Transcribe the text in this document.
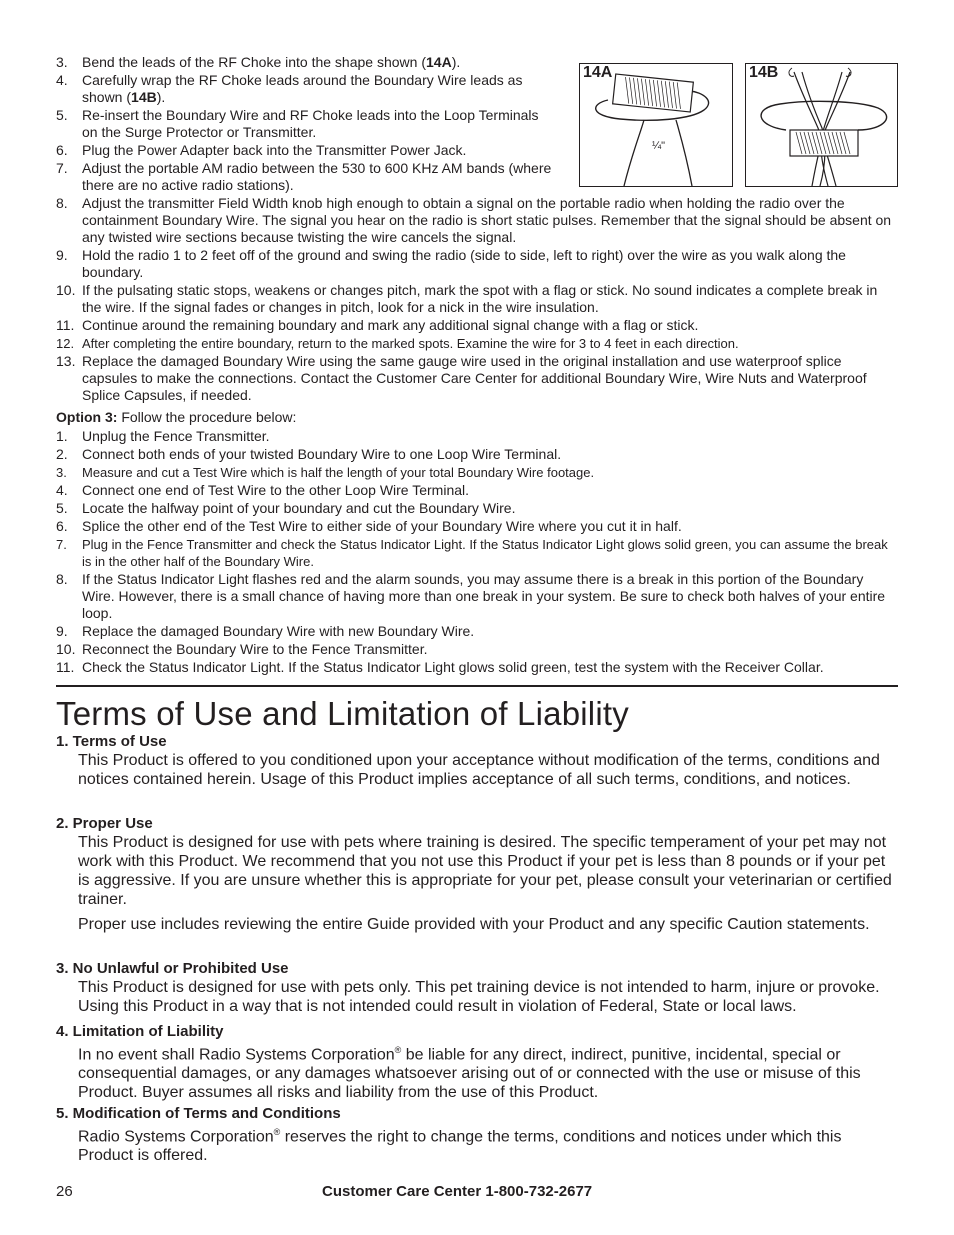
3.	Bend the leads of the RF Choke into the shape shown (14A).
4.	Carefully wrap the RF Choke leads around the Boundary Wire leads as shown (14B).
5.	Re-insert the Boundary Wire and RF Choke leads into the Loop Terminals on the Surge Protector or Transmitter.
6.	Plug the Power Adapter back into the Transmitter Power Jack.
7.	Adjust the portable AM radio between the 530 to 600 KHz AM bands (where there are no active radio stations).
8.	Adjust the transmitter Field Width knob high enough to obtain a signal on the portable radio when holding the radio over the containment Boundary Wire. The signal you hear on the radio is short static pulses. Remember that the signal should be absent on any twisted wire sections because twisting the wire cancels the signal.
9.	Hold the radio 1 to 2 feet off of the ground and swing the radio (side to side, left to right) over the wire as you walk along the boundary.
10. If the pulsating static stops, weakens or changes pitch, mark the spot with a flag or stick. No sound indicates a complete break in the wire. If the signal fades or changes in pitch, look for a nick in the wire insulation.
11. Continue around the remaining boundary and mark any additional signal change with a flag or stick.
12. After completing the entire boundary, return to the marked spots. Examine the wire for 3 to 4 feet in each direction.
13. Replace the damaged Boundary Wire using the same gauge wire used in the original installation and use waterproof splice capsules to make the connections. Contact the Customer Care Center for additional Boundary Wire, Wire Nuts and Waterproof Splice Capsules, if needed.
14A
¼"
14B
Option 3: Follow the procedure below:
1.	Unplug the Fence Transmitter.
2.	Connect both ends of your twisted Boundary Wire to one Loop Wire Terminal.
3.	Measure and cut a Test Wire which is half the length of your total Boundary Wire footage.
4.	Connect one end of Test Wire to the other Loop Wire Terminal.
5.	Locate the halfway point of your boundary and cut the Boundary Wire.
6.	Splice the other end of the Test Wire to either side of your Boundary Wire where you cut it in half.
7.	Plug in the Fence Transmitter and check the Status Indicator Light. If the Status Indicator Light glows solid green, you can assume the break is in the other half of the Boundary Wire.
8.	If the Status Indicator Light flashes red and the alarm sounds, you may assume there is a break in this portion of the Boundary Wire. However, there is a small chance of having more than one break in your system. Be sure to check both halves of your entire loop.
9.	Replace the damaged Boundary Wire with new Boundary Wire.
10. Reconnect the Boundary Wire to the Fence Transmitter.
11. Check the Status Indicator Light. If the Status Indicator Light glows solid green, test the system with the Receiver Collar.
Terms of Use and Limitation of Liability
1. Terms of Use

This Product is offered to you conditioned upon your acceptance without modification of the terms, conditions and notices contained herein. Usage of this Product implies acceptance of all such terms, conditions, and notices.

2. Proper Use

This Product is designed for use with pets where training is desired. The specific temperament of your pet may not work with this Product. We recommend that you not use this Product if your pet is less than 8 pounds or if your pet is aggressive. If you are unsure whether this is appropriate for your pet, please consult your veterinarian or certified trainer.

Proper use includes reviewing the entire Guide provided with your Product and any specific Caution statements.

3. No Unlawful or Prohibited Use

This Product is designed for use with pets only. This pet training device is not intended to harm, injure or provoke. Using this Product in a way that is not intended could result in violation of Federal, State or local laws.

4. Limitation of Liability

In no event shall Radio Systems Corporation® be liable for any direct, indirect, punitive, incidental, special or consequential damages, or any damages whatsoever arising out of or connected with the use or misuse of this Product. Buyer assumes all risks and liability from the use of this Product.

5. Modification of Terms and Conditions

Radio Systems Corporation® reserves the right to change the terms, conditions and notices under which this Product is offered.

26	Customer Care Center 1-800-732-2677
